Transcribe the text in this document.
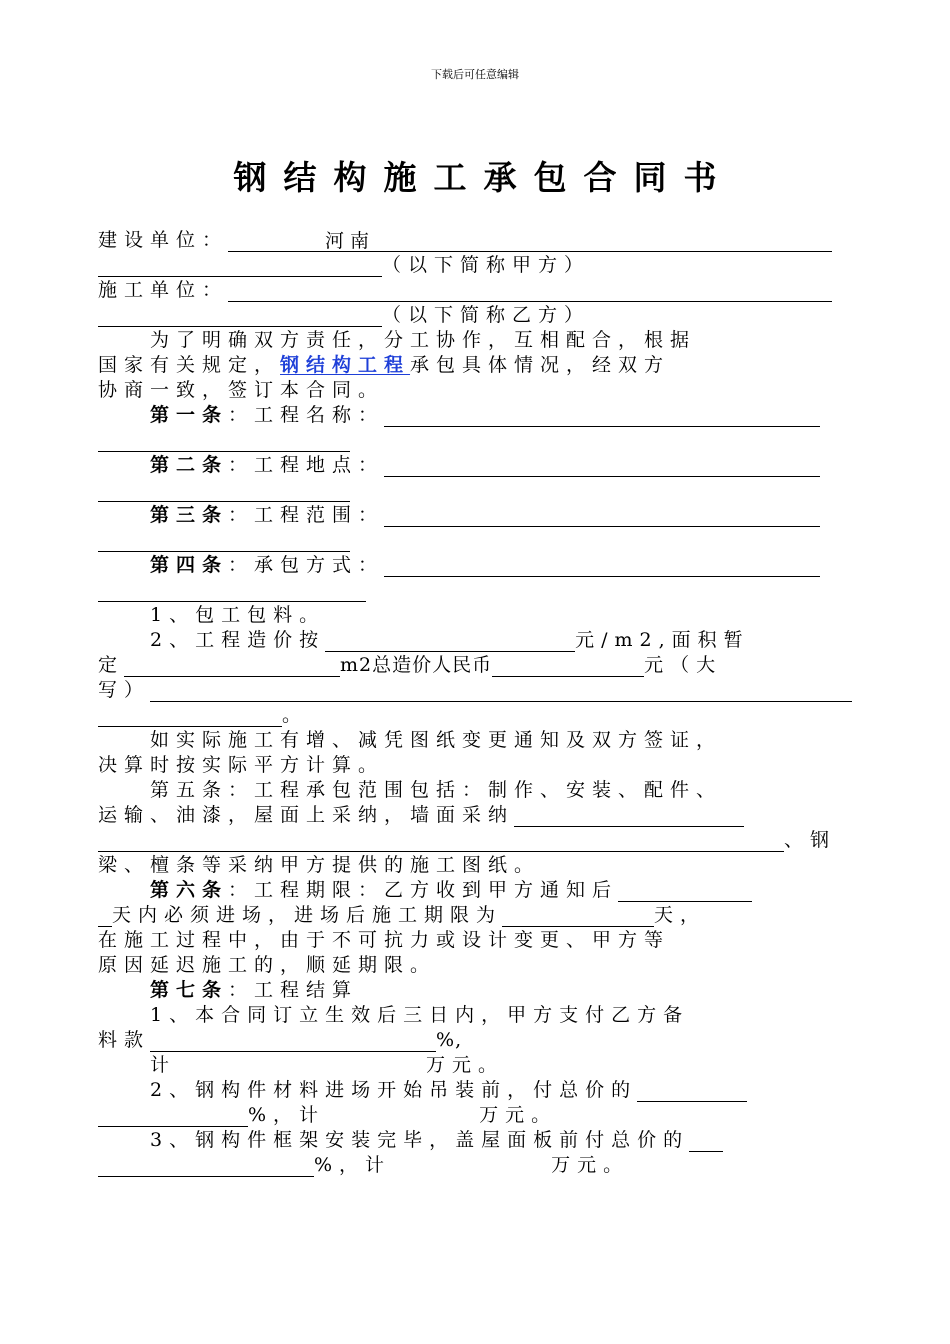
下载后可任意编辑
钢结构施工承包合同书
建设单位：	河南
（以下简称甲方）
施工单位：
（以下简称乙方）
为了明确双方责任，分工协作，互相配合，根据
国家有关规定，钢结构工程承包具体情况，经双方
协商一致，签订本合同。
第一条：工程名称：
第二条：工程地点：
第三条：工程范围：
第四条：承包方式：
1、包工包料。
2、工程造价按	元/m2,面积暂
定	m2总造价人民币	元（大
写）
。
如实际施工有增、减凭图纸变更通知及双方签证，
决算时按实际平方计算。
第五条：工程承包范围包括：制作、安装、配件、
运输、油漆，屋面上采纳，墙面采纳
、钢
梁、檀条等采纳甲方提供的施工图纸。
第六条：工程期限：乙方收到甲方通知后
天内必须进场，进场后施工期限为	天，
在施工过程中，由于不可抗力或设计变更、甲方等
原因延迟施工的，顺延期限。
第七条：工程结算
1、本合同订立生效后三日内，甲方支付乙方备
料款	%,
计	万元。
2、钢构件材料进场开始吊装前，付总价的
%，计	万元。
3、钢构件框架安装完毕，盖屋面板前付总价的
%，计	万元。
